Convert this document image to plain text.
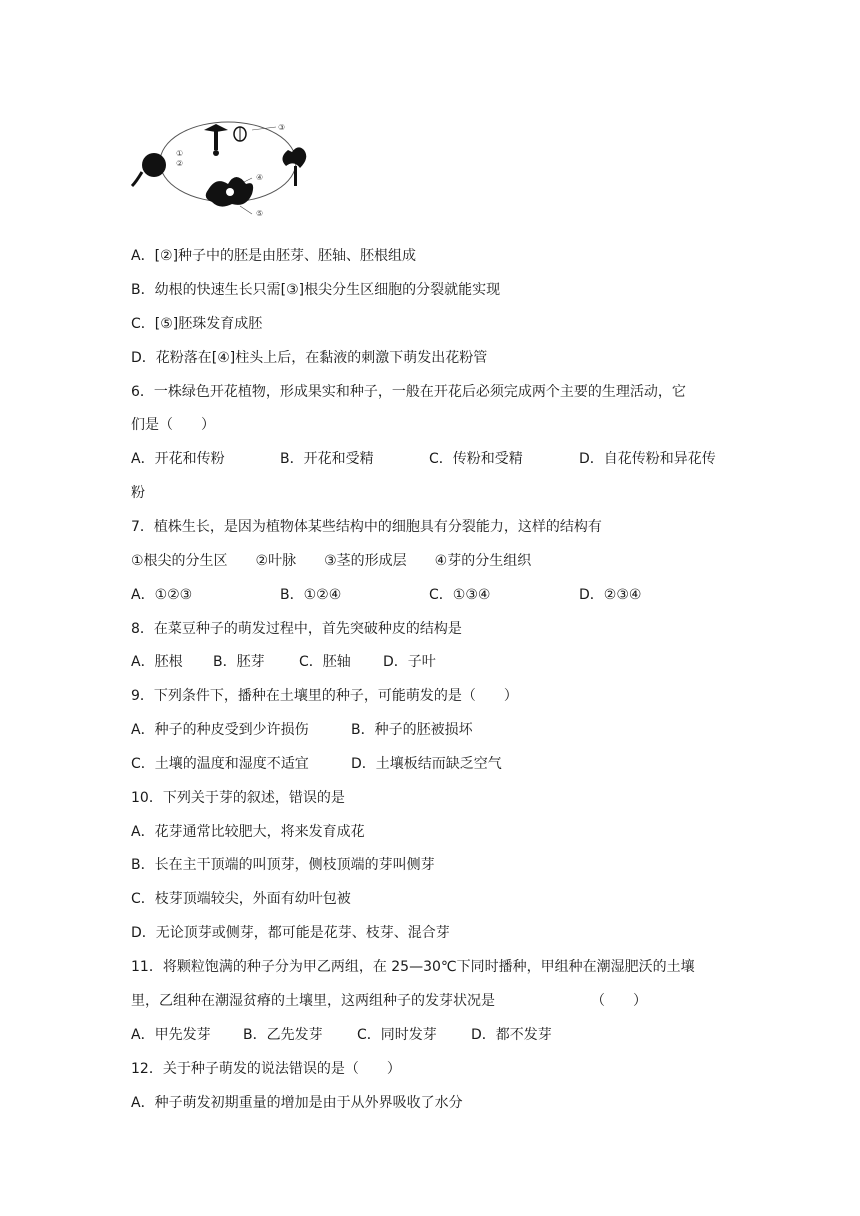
①
②
③
④
⑤
A．[②]种子中的胚是由胚芽、胚轴、胚根组成
B．幼根的快速生长只需[③]根尖分生区细胞的分裂就能实现
C．[⑤]胚珠发育成胚
D．花粉落在[④]柱头上后，在黏液的刺激下萌发出花粉管
6．一株绿色开花植物，形成果实和种子，一般在开花后必须完成两个主要的生理活动，它
们是（　　）

A．开花和传粉

	B．开花和受精

	C．传粉和受精

	D．自花传粉和异花传

粉
7．植株生长，是因为植物体某些结构中的细胞具有分裂能力，这样的结构有
①根尖的分生区　　②叶脉　　③茎的形成层　　④芽的分生组织

A．①②③

	B．①②④

	C．①③④

	D．②③④

8．在菜豆种子的萌发过程中，首先突破种皮的结构是

A．胚根

B．胚芽

C．胚轴

D．子叶

9．下列条件下，播种在土壤里的种子，可能萌发的是（　　）

A．种子的种皮受到少许损伤

	B．种子的胚被损坏

C．土壤的温度和湿度不适宜

	D．土壤板结而缺乏空气

10．下列关于芽的叙述，错误的是
A．花芽通常比较肥大，将来发育成花
B．长在主干顶端的叫顶芽，侧枝顶端的芽叫侧芽
C．枝芽顶端较尖，外面有幼叶包被
D．无论顶芽或侧芽，都可能是花芽、枝芽、混合芽
11．将颗粒饱满的种子分为甲乙两组，在 25—30℃下同时播种，甲组种在潮湿肥沃的土壤

里，乙组种在潮湿贫瘠的土壤里，这两组种子的发芽状况是

	（　　）

A．甲先发芽

B．乙先发芽

C．同时发芽

D．都不发芽

12．关于种子萌发的说法错误的是（　　）
A．种子萌发初期重量的增加是由于从外界吸收了水分
